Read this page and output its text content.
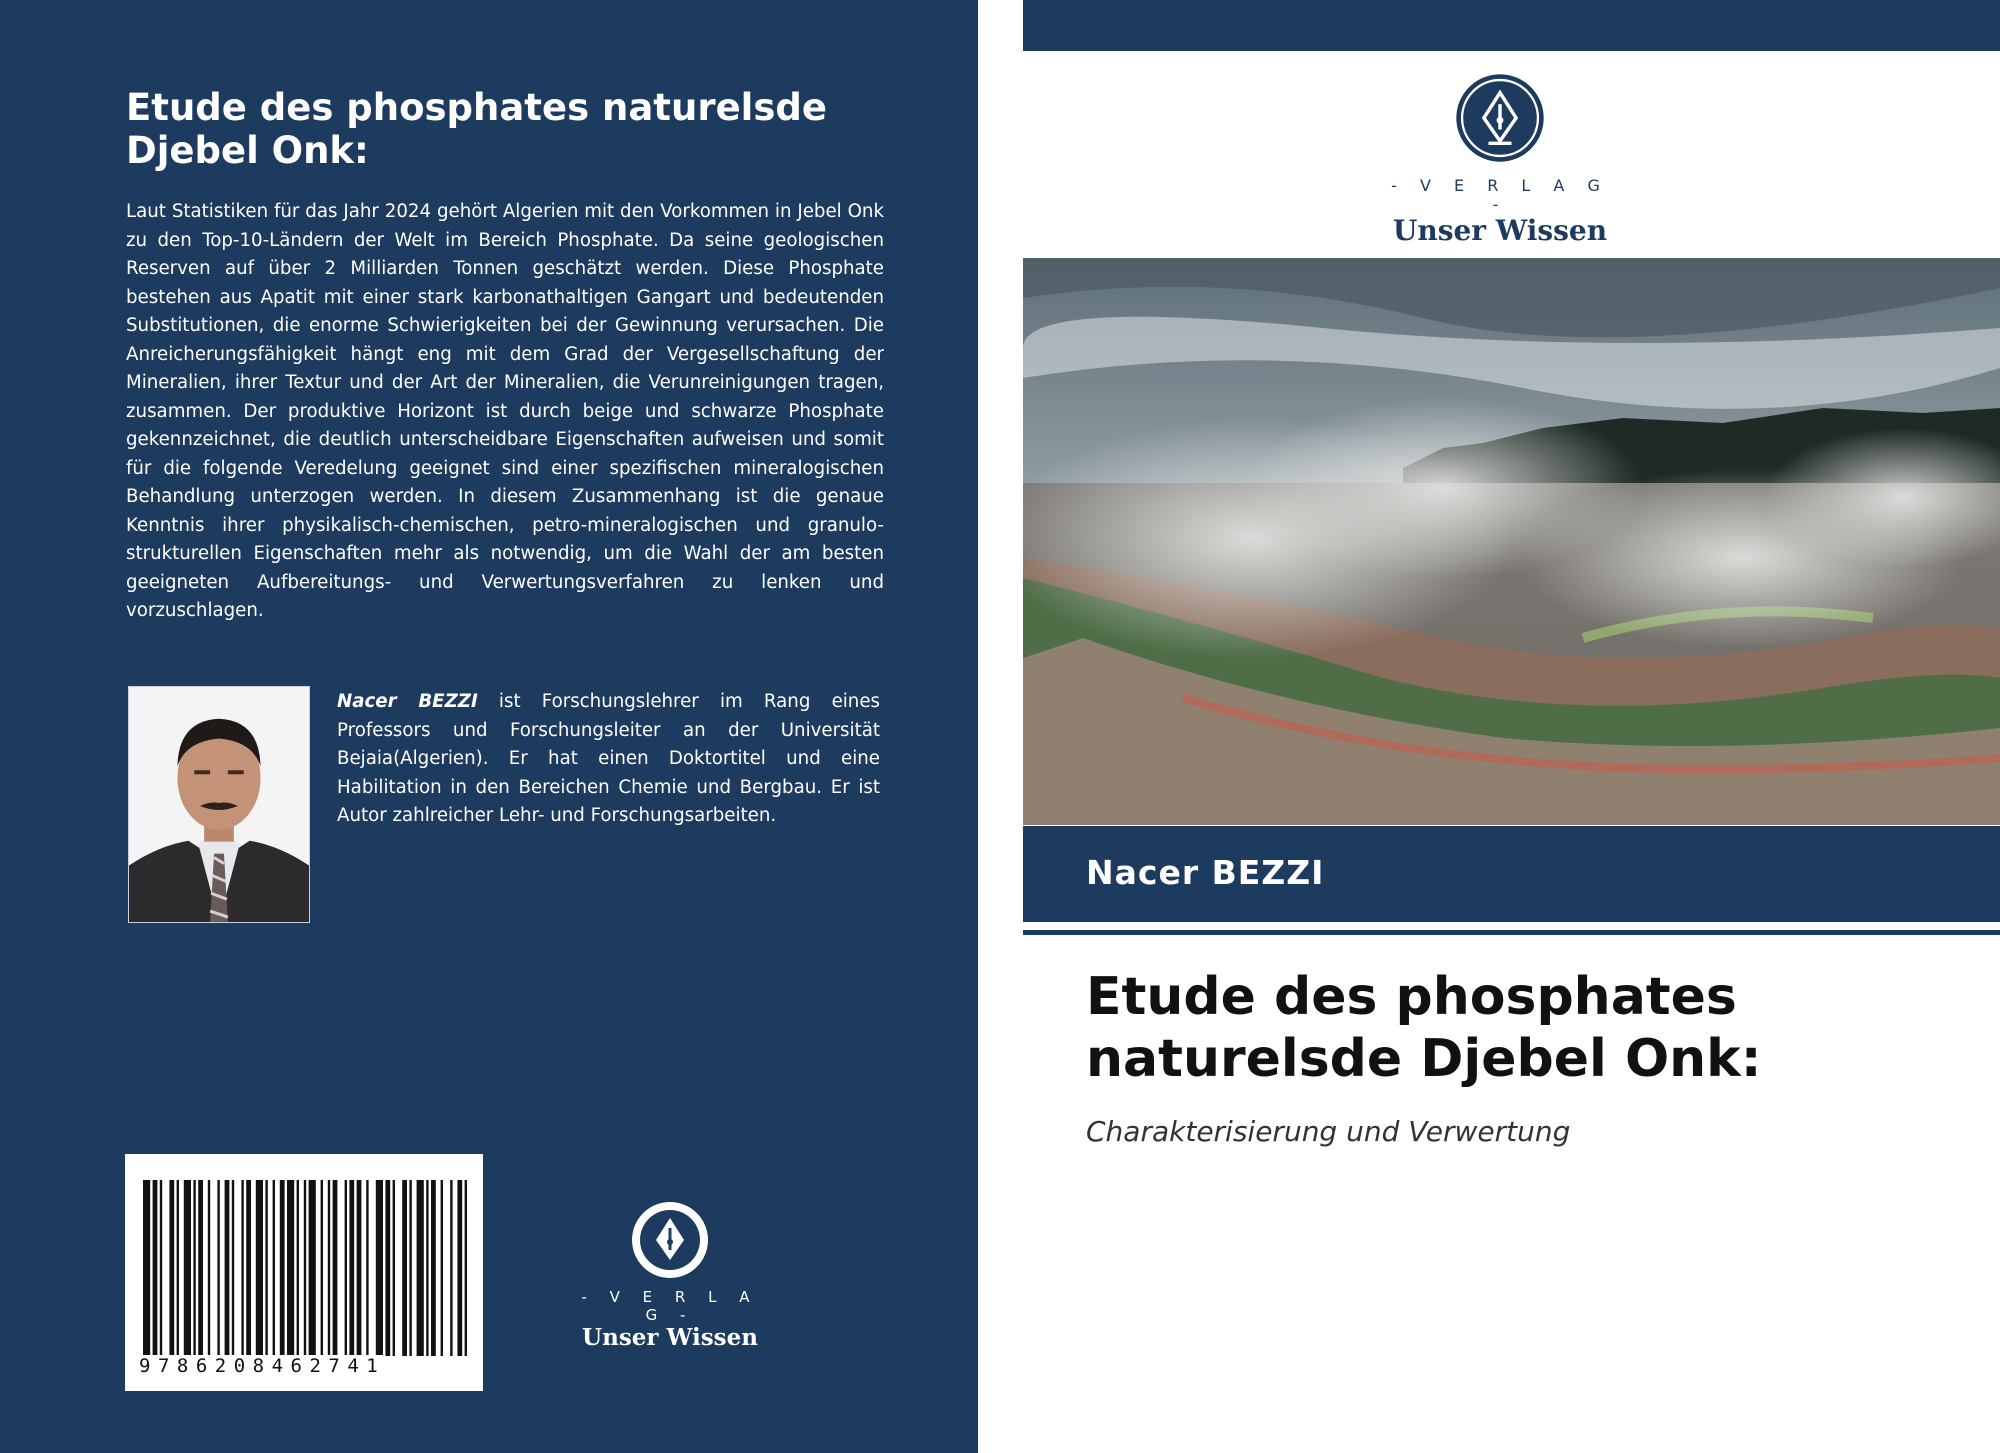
Etude des phosphates naturelsde Djebel Onk:
Laut Statistiken für das Jahr 2024 gehört Algerien mit den Vorkommen in Jebel Onk zu den Top-10-Ländern der Welt im Bereich Phosphate. Da seine geologischen Reserven auf über 2 Milliarden Tonnen geschätzt werden. Diese Phosphate bestehen aus Apatit mit einer stark karbonathaltigen Gangart und bedeutenden Substitutionen, die enorme Schwierigkeiten bei der Gewinnung verursachen. Die Anreicherungsfähigkeit hängt eng mit dem Grad der Vergesellschaftung der Mineralien, ihrer Textur und der Art der Mineralien, die Verunreinigungen tragen, zusammen. Der produktive Horizont ist durch beige und schwarze Phosphate gekennzeichnet, die deutlich unterscheidbare Eigenschaften aufweisen und somit für die folgende Veredelung geeignet sind einer spezifischen mineralogischen Behandlung unterzogen werden. In diesem Zusammenhang ist die genaue Kenntnis ihrer physikalisch-chemischen, petro-mineralogischen und granulo-strukturellen Eigenschaften mehr als notwendig, um die Wahl der am besten geeigneten Aufbereitungs- und Verwertungsverfahren zu lenken und vorzuschlagen.
Nacer BEZZI ist Forschungslehrer im Rang eines Professors und Forschungsleiter an der Universität Bejaia(Algerien). Er hat einen Doktortitel und eine Habilitation in den Bereichen Chemie und Bergbau. Er ist Autor zahlreicher Lehr- und Forschungsarbeiten.
9786208462741
- V E R L A G -
Unser Wissen
Nacer BEZZI
- V E R L A G -
Unser Wissen
Nacer BEZZI
Etude des phosphates naturelsde Djebel Onk:
Charakterisierung und Verwertung
